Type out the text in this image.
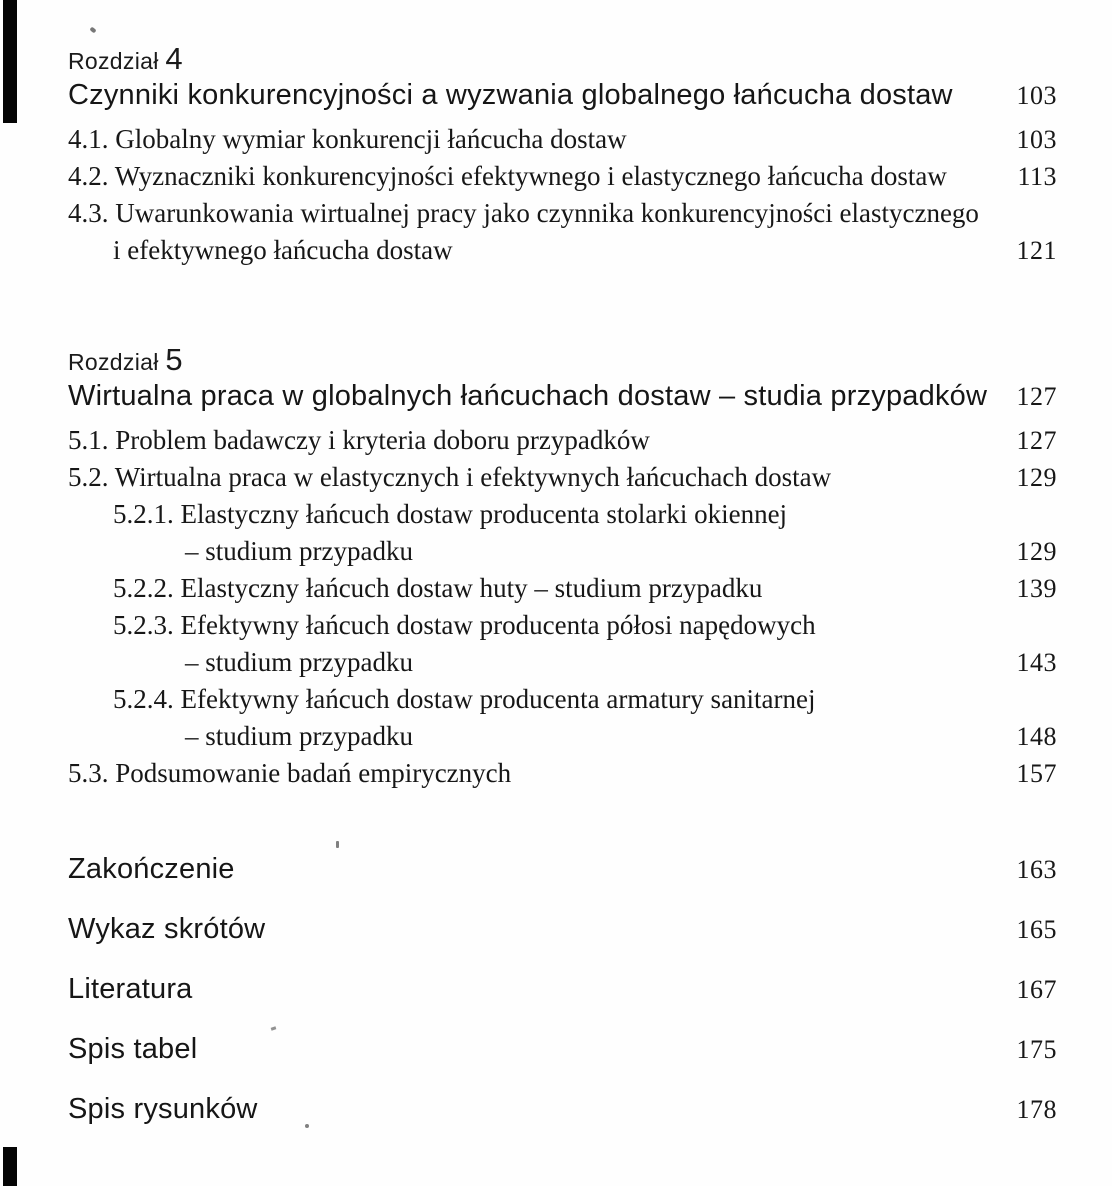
Rozdział 4
Czynniki konkurencyjności a wyzwania globalnego łańcucha dostaw 103
4.1. Globalny wymiar konkurencji łańcucha dostaw	103
4.2. Wyznaczniki konkurencyjności efektywnego i elastycznego łańcucha dostaw	113
4.3. Uwarunkowania wirtualnej pracy jako czynnika konkurencyjności elastycznego
i efektywnego łańcucha dostaw	121
Rozdział 5
Wirtualna praca w globalnych łańcuchach dostaw – studia przypadków 127
5.1. Problem badawczy i kryteria doboru przypadków	127
5.2. Wirtualna praca w elastycznych i efektywnych łańcuchach dostaw	129
5.2.1. Elastyczny łańcuch dostaw producenta stolarki okiennej
– studium przypadku	129
5.2.2. Elastyczny łańcuch dostaw huty – studium przypadku	139
5.2.3. Efektywny łańcuch dostaw producenta półosi napędowych
– studium przypadku	143
5.2.4. Efektywny łańcuch dostaw producenta armatury sanitarnej
– studium przypadku	148
5.3. Podsumowanie badań empirycznych	157
Zakończenie	163
Wykaz skrótów	165
Literatura	167
Spis tabel	175
Spis rysunków	178
